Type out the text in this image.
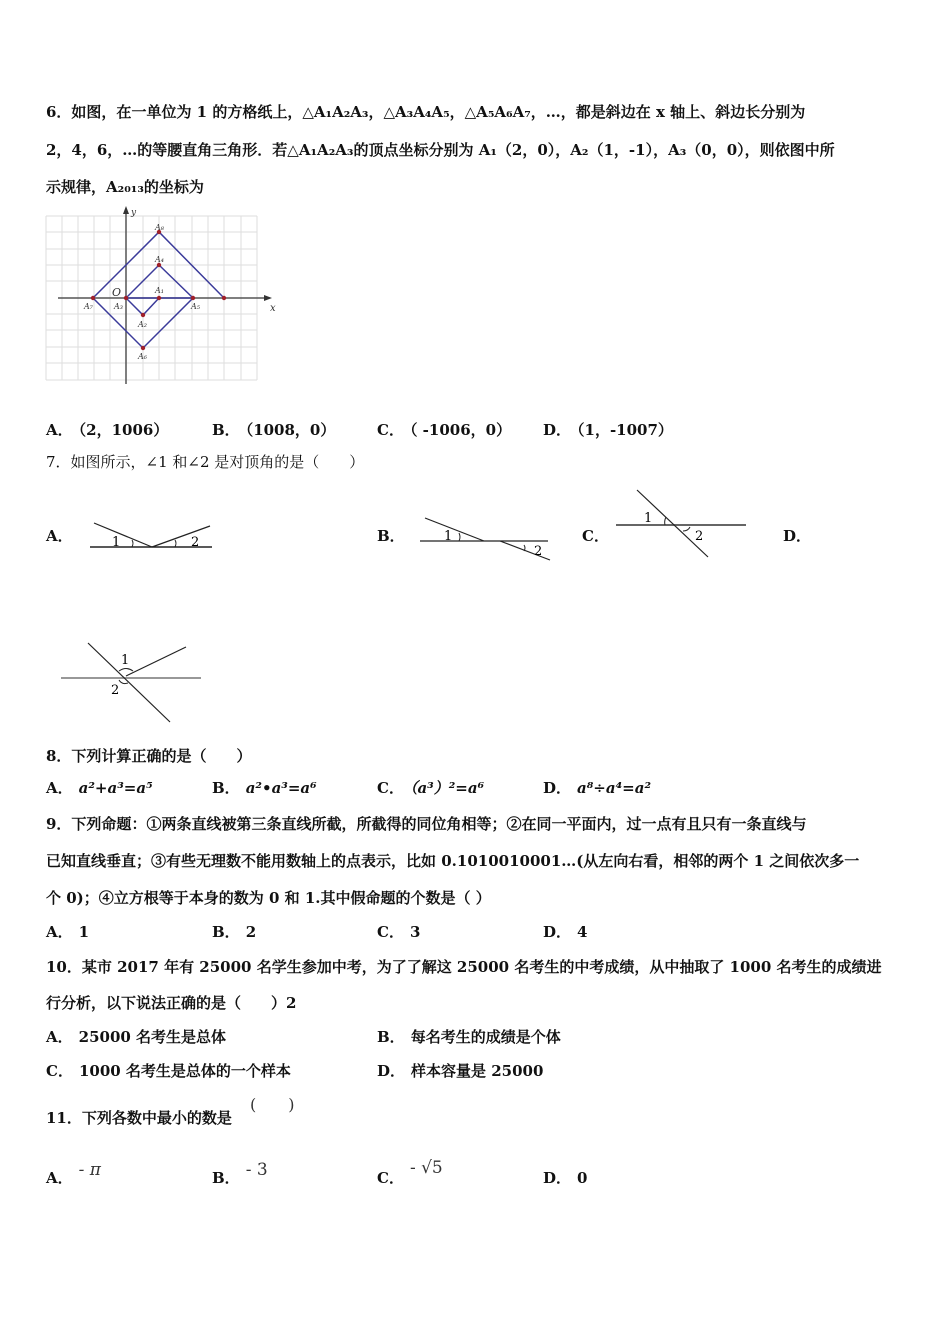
6．如图，在一单位为 1 的方格纸上，△A₁A₂A₃，△A₃A₄A₅，△A₅A₆A₇，…，都是斜边在 x 轴上、斜边长分别为
2，4，6，…的等腰直角三角形．若△A₁A₂A₃的顶点坐标分别为 A₁（2，0），A₂（1，-1），A₃（0，0），则依图中所
示规律，A₂₀₁₃的坐标为
y
x
O	A₁
A₂
A₃
A₄
A₅
A₆
A₇
A₈
A． （2，1006）	B． （1008，0）	C． （ -1006，0） D． （1，-1007）
7．如图所示，∠1 和∠2 是对顶角的是（　　）
A．	1	2	B．	1
2
C．
1
2	D．
1
2
8．下列计算正确的是（　　）
A． a²+a³=a⁵	B． a²•a³=a⁶	C． （a³）²=a⁶	D． a⁸÷a⁴=a²
9．下列命题：①两条直线被第三条直线所截，所截得的同位角相等；②在同一平面内，过一点有且只有一条直线与
已知直线垂直；③有些无理数不能用数轴上的点表示，比如 0.1010010001…(从左向右看，相邻的两个 1 之间依次多一
个 0)；④立方根等于本身的数为 0 和 1.其中假命题的个数是（ ）
A． 1	B． 2	C． 3	D． 4
10．某市 2017 年有 25000 名学生参加中考，为了了解这 25000 名考生的中考成绩，从中抽取了 1000 名考生的成绩进
行分析，以下说法正确的是（　　）2
A． 25000 名考生是总体	B． 每名考生的成绩是个体
C． 1000 名考生是总体的一个样本	D． 样本容量是 25000
11．下列各数中最小的数是
(　　)
A． - π	B． - 3	C． - √5	D． 0
